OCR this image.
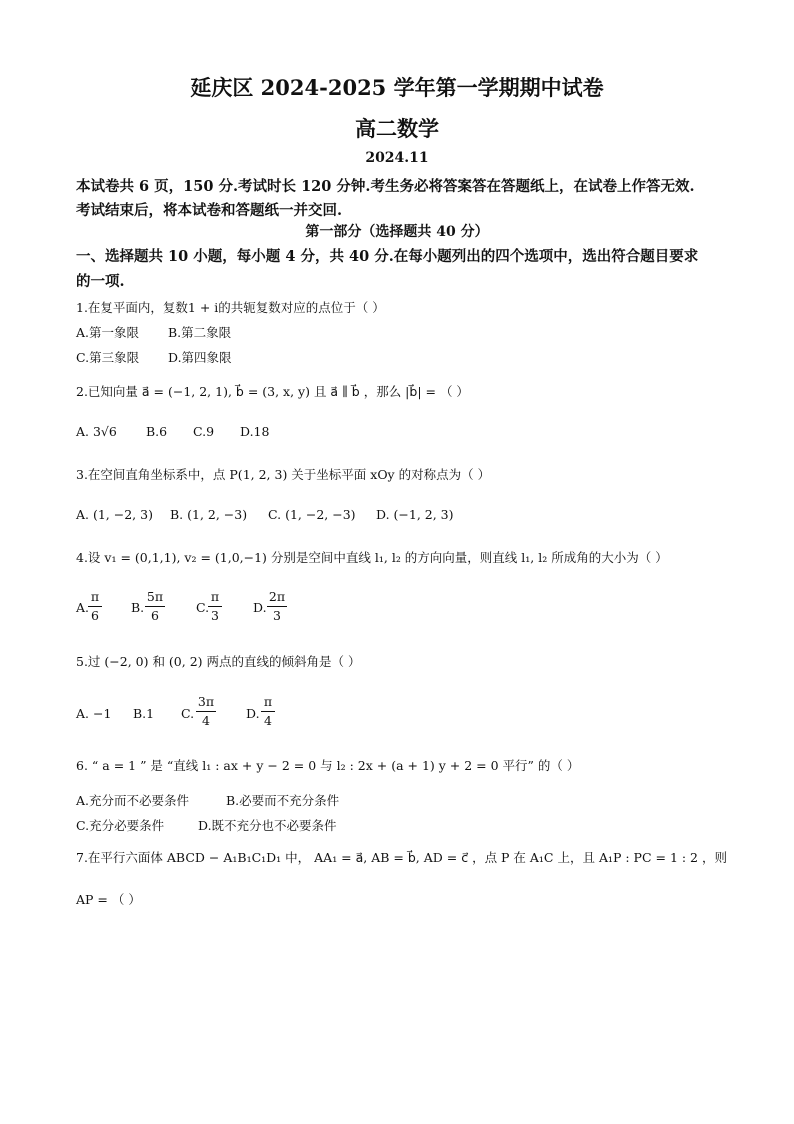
延庆区 2024-2025 学年第一学期期中试卷
高二数学
2024.11
本试卷共 6 页，150 分.考试时长 120 分钟.考生务必将答案答在答题纸上，在试卷上作答无效.
考试结束后，将本试卷和答题纸一并交回.
第一部分（选择题共 40 分）
一、选择题共 10 小题，每小题 4 分，共 40 分.在每小题列出的四个选项中，选出符合题目要求
的一项.
1.在复平面内，复数1 + i的共轭复数对应的点位于（ ）
A.第一象限 B.第二象限
C.第三象限 D.第四象限
2.已知向量 a⃗ = (−1, 2, 1), b⃗ = (3, x, y) 且 a⃗ ∥ b⃗ ，那么 |b⃗| = （ ）
A. 3√6 B.6 C.9 D.18
3.在空间直角坐标系中，点 P(1, 2, 3) 关于坐标平面 xOy 的对称点为（ ）
A. (1, −2, 3) B. (1, 2, −3) C. (1, −2, −3) D. (−1, 2, 3)
4.设 v₁ = (0,1,1), v₂ = (1,0,−1) 分别是空间中直线 l₁, l₂ 的方向向量，则直线 l₁, l₂ 所成角的大小为（ ）
A.
π
6
B.
5π
6
C.
π
3
D.
2π
3
5.过 (−2, 0) 和 (0, 2) 两点的直线的倾斜角是（ ）
A. −1 B.1 C.
3π
4	D.
π
4
6. “ a = 1 ” 是 “直线 l₁ : ax + y − 2 = 0 与 l₂ : 2x + (a + 1) y + 2 = 0 平行” 的（ ）
A.充分而不必要条件	B.必要而不充分条件
C.充分必要条件	D.既不充分也不必要条件
7.在平行六面体 ABCD − A₁B₁C₁D₁ 中， AA₁ = a⃗, AB = b⃗, AD = c⃗ ，点 P 在 A₁C 上，且 A₁P : PC = 1 : 2 ，则
AP = （ ）
